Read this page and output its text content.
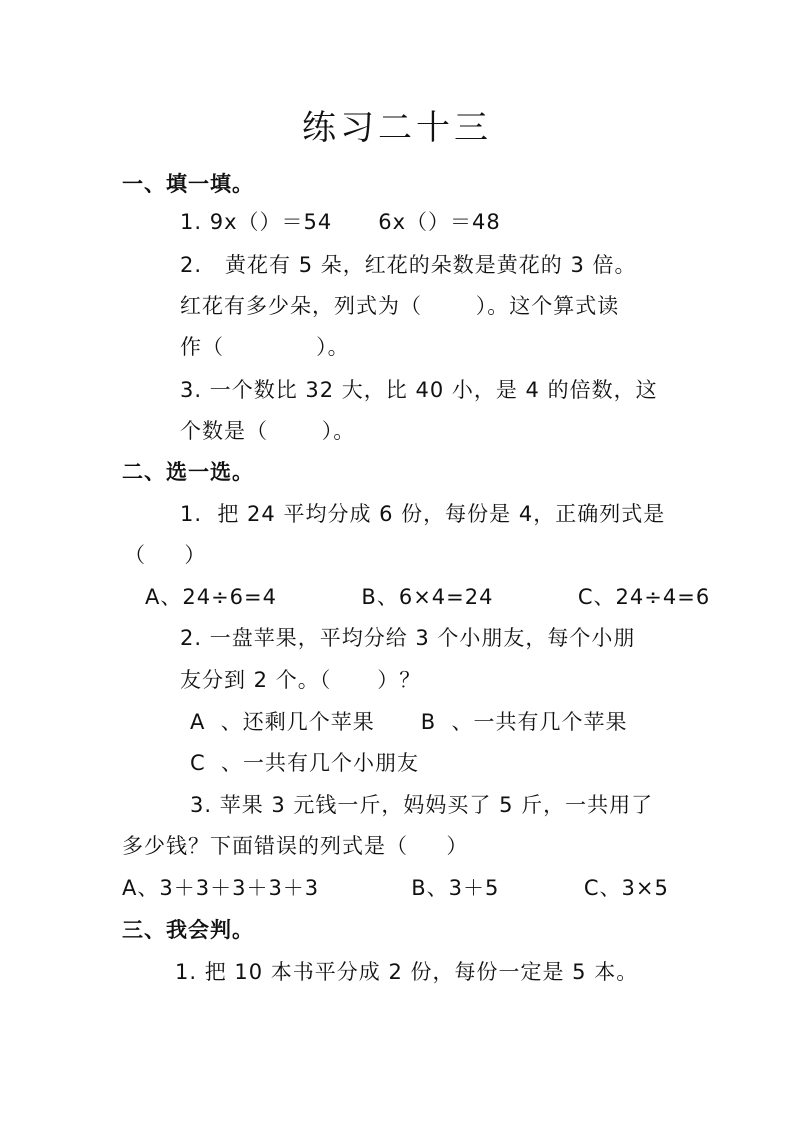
练习二十三
一、填一填。
1. 9x（）＝54      6x（）＝48
2.   黄花有 5 朵，红花的朵数是黄花的 3 倍。
红花有多少朵，列式为（       ）。这个算式读
作（            ）。
3. 一个数比 32 大，比 40 小，是 4 的倍数，这
个数是（       ）。
二、选一选。
1.  把 24 平均分成 6 份，每份是 4，正确列式是
（     ）
A、24÷6=4           B、6×4=24           C、24÷4=6
2. 一盘苹果，平均分给 3 个小朋友，每个小朋
友分到 2 个。（      ）？
A  、还剩几个苹果      B  、一共有几个苹果
C  、一共有几个小朋友
3. 苹果 3 元钱一斤，妈妈买了 5 斤，一共用了
多少钱？下面错误的列式是（     ）
A、3＋3＋3＋3＋3            B、3＋5           C、3×5
三、我会判。
1. 把 10 本书平分成 2 份，每份一定是 5 本。
